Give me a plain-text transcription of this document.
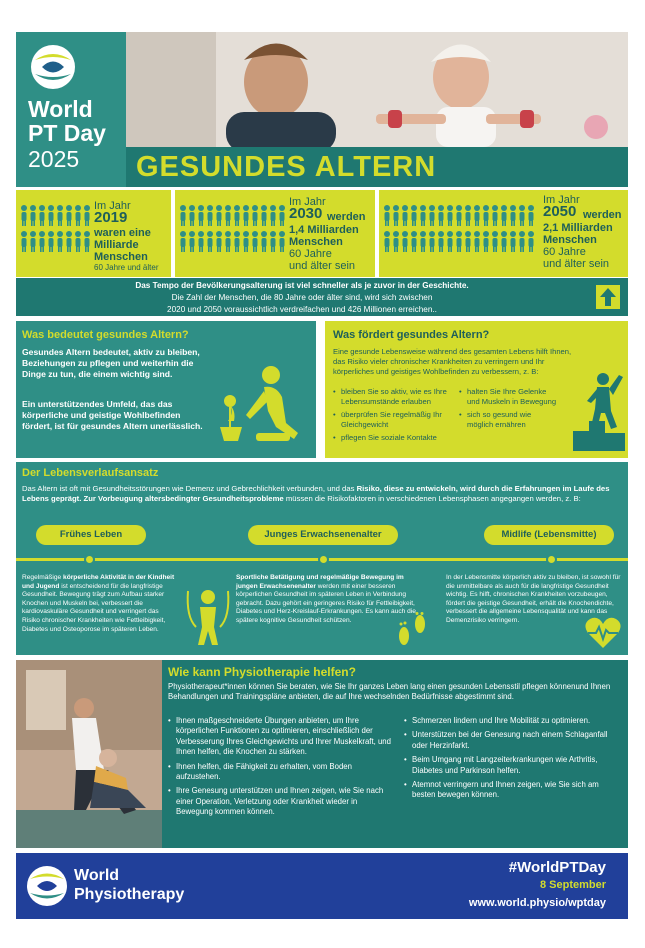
World
PT Day
2025 GESUNDES ALTERN
Im Jahr
2019
waren eine
Milliarde
Menschen
60 Jahre und älter
Im Jahr
2030 werden
1,4 Milliarden
Menschen
60 Jahre
und älter sein
Im Jahr
2050 werden
2,1 Milliarden
Menschen
60 Jahre
und älter sein
Das Tempo der Bevölkerungsalterung ist viel schneller als je zuvor in der Geschichte.
Die Zahl der Menschen, die 80 Jahre oder älter sind, wird sich zwischen
2020 und 2050 voraussichtlich verdreifachen und 426 Millionen erreichen..
Was bedeutet gesundes Altern?
Gesundes Altern bedeutet, aktiv zu bleiben, Beziehungen zu pflegen und weiterhin die Dinge zu tun, die einem wichtig sind.
Ein unterstützendes Umfeld, das das körperliche und geistige Wohlbefinden fördert, ist für gesundes Altern unerlässlich.
Was fördert gesundes Altern?
Eine gesunde Lebensweise während des gesamten Lebens hilft Ihnen, das Risiko vieler chronischer Krankheiten zu verringern und Ihr körperliches und geistiges Wohlbefinden zu verbessern, z. B:
• bleiben Sie so aktiv, wie es Ihre Lebensumstände erlauben
• überprüfen Sie regelmäßig Ihr Gleichgewicht
• pflegen Sie soziale Kontakte
• halten Sie Ihre Gelenke und Muskeln in Bewegung
• sich so gesund wie möglich ernähren
Der Lebensverlaufsansatz
Das Altern ist oft mit Gesundheitsstörungen wie Demenz und Gebrechlichkeit verbunden, und das Risiko, diese zu entwickeln, wird durch die Erfahrungen im Laufe des Lebens geprägt. Zur Vorbeugung altersbedingter Gesundheitsprobleme müssen die Risikofaktoren in verschiedenen Lebensphasen angegangen werden, z. B:
Frühes Leben	Junges Erwachsenenalter	Midlife (Lebensmitte)
Regelmäßige körperliche Aktivität in der Kindheit und Jugend ist entscheidend für die langfristige Gesundheit. Bewegung trägt zum Aufbau starker Knochen und Muskeln bei, verbessert die kardiovaskuläre Gesundheit und verringert das Risiko chronischer Krankheiten wie Fettleibigkeit, Diabetes und Osteoporose im späteren Leben.
Sportliche Betätigung und regelmäßige Bewegung im jungen Erwachsenenalter werden mit einer besseren körperlichen Gesundheit im späteren Leben in Verbindung gebracht. Dazu gehört ein geringeres Risiko für Fettleibigkeit, Diabetes und Herz-Kreislauf-Erkrankungen. Es kann auch die spätere kognitive Gesundheit schützen.
In der Lebensmitte körperlich aktiv zu bleiben, ist sowohl für die unmittelbare als auch für die langfristige Gesundheit wichtig. Es hilft, chronischen Krankheiten vorzubeugen, fördert die geistige Gesundheit, erhält die Knochendichte, verbessert die allgemeine Lebensqualität und kann das Demenzrisiko verringern.
Wie kann Physiotherapie helfen?
Physiotherapeut*innen können Sie beraten, wie Sie Ihr ganzes Leben lang einen gesunden Lebensstil pflegen könnenund Ihnen Behandlungen und Trainingspläne anbieten, die auf Ihre wechselnden Bedürfnisse abgestimmt sind.
• Ihnen maßgeschneiderte Übungen anbieten, um Ihre körperlichen Funktionen zu optimieren, einschließlich der Verbesserung Ihres Gleichgewichts und Ihrer Muskelkraft, und Ihnen helfen, die Knochen zu stärken.
• Ihnen helfen, die Fähigkeit zu erhalten, vom Boden aufzustehen.
• Ihre Genesung unterstützen und Ihnen zeigen, wie Sie nach einer Operation, Verletzung oder Krankheit wieder in Bewegung kommen können.
• Schmerzen lindern und Ihre Mobilität zu optimieren.
• Unterstützen bei der Genesung nach einem Schlaganfall oder Herzinfarkt.
• Beim Umgang mit Langzeiterkrankungen wie Arthritis, Diabetes und Parkinson helfen.
• Atemnot verringern und Ihnen zeigen, wie Sie sich am besten bewegen können.
World
Physiotherapy
#WorldPTDay
8 September
www.world.physio/wptday
